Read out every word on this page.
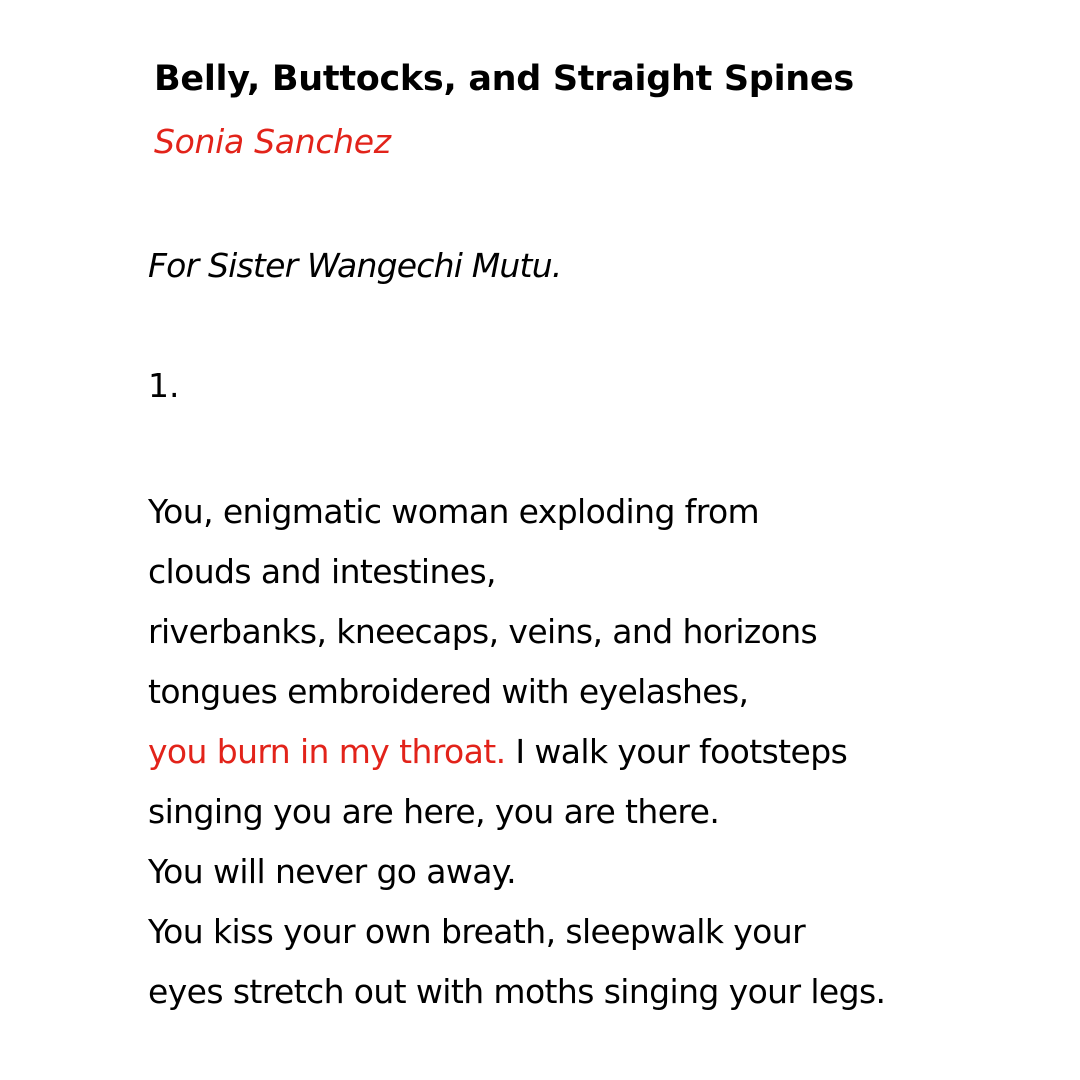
Belly, Buttocks, and Straight Spines

Sonia Sanchez

For Sister Wangechi Mutu.

1.

You, enigmatic woman exploding from

clouds and intestines,

riverbanks, kneecaps, veins, and horizons

tongues embroidered with eyelashes,

you burn in my throat. I walk your footsteps

singing you are here, you are there.

You will never go away.

You kiss your own breath, sleepwalk your

eyes stretch out with moths singing your legs.
